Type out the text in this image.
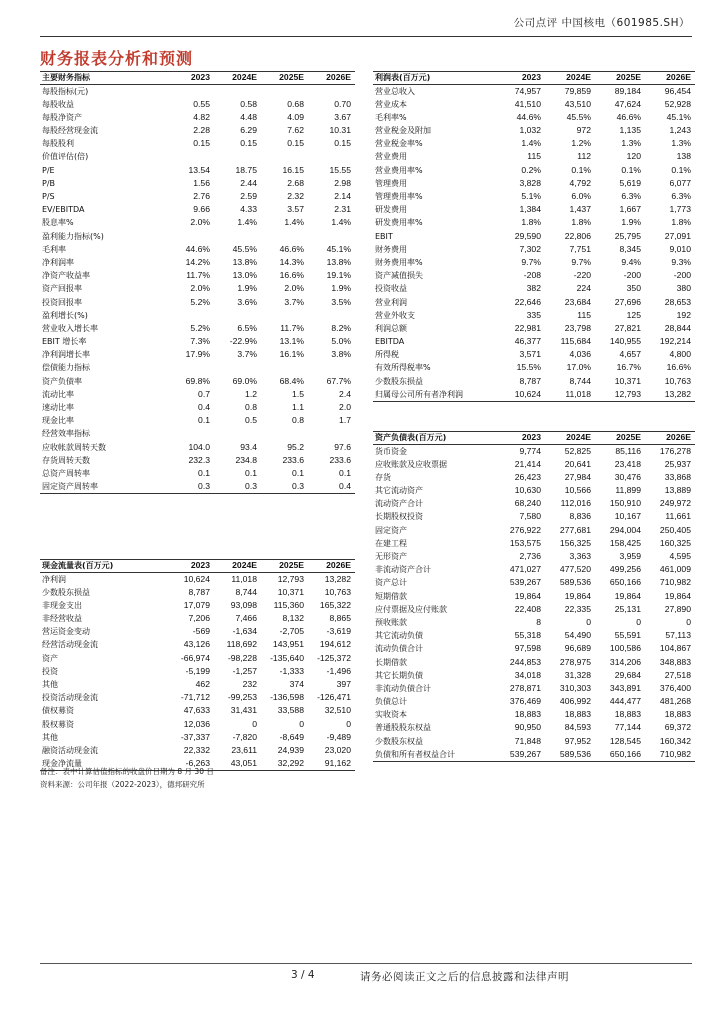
公司点评 中国核电（601985.SH）
财务报表分析和预测
主要财务指标	2023	2024E	2025E	2026E
每股指标(元)
每股收益	0.55	0.58	0.68	0.70
每股净资产	4.82	4.48	4.09	3.67
每股经营现金流	2.28	6.29	7.62	10.31
每股股利	0.15	0.15	0.15	0.15
价值评估(倍)
P/E	13.54	18.75	16.15	15.55
P/B	1.56	2.44	2.68	2.98
P/S	2.76	2.59	2.32	2.14
EV/EBITDA	9.66	4.33	3.57	2.31
股息率%	2.0%	1.4%	1.4%	1.4%
盈利能力指标(%)
毛利率	44.6%	45.5%	46.6%	45.1%
净利润率	14.2%	13.8%	14.3%	13.8%
净资产收益率	11.7%	13.0%	16.6%	19.1%
资产回报率	2.0%	1.9%	2.0%	1.9%
投资回报率	5.2%	3.6%	3.7%	3.5%
盈利增长(%)
营业收入增长率	5.2%	6.5%	11.7%	8.2%
EBIT 增长率	7.3%	-22.9%	13.1%	5.0%
净利润增长率	17.9%	3.7%	16.1%	3.8%
偿债能力指标
资产负债率	69.8%	69.0%	68.4%	67.7%
流动比率	0.7	1.2	1.5	2.4
速动比率	0.4	0.8	1.1	2.0
现金比率	0.1	0.5	0.8	1.7
经营效率指标
应收帐款周转天数	104.0	93.4	95.2	97.6
存货周转天数	232.3	234.8	233.6	233.6
总资产周转率	0.1	0.1	0.1	0.1
固定资产周转率	0.3	0.3	0.3	0.4
现金流量表(百万元)	2023	2024E	2025E	2026E
净利润	10,624	11,018	12,793	13,282
少数股东损益	8,787	8,744	10,371	10,763
非现金支出	17,079	93,098	115,360	165,322
非经营收益	7,206	7,466	8,132	8,865
营运资金变动	-569	-1,634	-2,705	-3,619
经营活动现金流	43,126	118,692	143,951	194,612
资产	-66,974	-98,228	-135,640	-125,372
投资	-5,199	-1,257	-1,333	-1,496
其他	462	232	374	397
投资活动现金流	-71,712	-99,253	-136,598	-126,471
债权募资	47,633	31,431	33,588	32,510
股权募资	12,036	0	0	0
其他	-37,337	-7,820	-8,649	-9,489
融资活动现金流	22,332	23,611	24,939	23,020
现金净流量	-6,263	43,051	32,292	91,162
利润表(百万元)	2023	2024E	2025E	2026E
营业总收入	74,957	79,859	89,184	96,454
营业成本	41,510	43,510	47,624	52,928
毛利率%	44.6%	45.5%	46.6%	45.1%
营业税金及附加	1,032	972	1,135	1,243
营业税金率%	1.4%	1.2%	1.3%	1.3%
营业费用	115	112	120	138
营业费用率%	0.2%	0.1%	0.1%	0.1%
管理费用	3,828	4,792	5,619	6,077
管理费用率%	5.1%	6.0%	6.3%	6.3%
研发费用	1,384	1,437	1,667	1,773
研发费用率%	1.8%	1.8%	1.9%	1.8%
EBIT	29,590	22,806	25,795	27,091
财务费用	7,302	7,751	8,345	9,010
财务费用率%	9.7%	9.7%	9.4%	9.3%
资产减值损失	-208	-220	-200	-200
投资收益	382	224	350	380
营业利润	22,646	23,684	27,696	28,653
营业外收支	335	115	125	192
利润总额	22,981	23,798	27,821	28,844
EBITDA	46,377	115,684	140,955	192,214
所得税	3,571	4,036	4,657	4,800
有效所得税率%	15.5%	17.0%	16.7%	16.6%
少数股东损益	8,787	8,744	10,371	10,763
归属母公司所有者净利润	10,624	11,018	12,793	13,282
资产负债表(百万元)	2023	2024E	2025E	2026E
货币资金	9,774	52,825	85,116	176,278
应收账款及应收票据	21,414	20,641	23,418	25,937
存货	26,423	27,984	30,476	33,868
其它流动资产	10,630	10,566	11,899	13,889
流动资产合计	68,240	112,016	150,910	249,972
长期股权投资	7,580	8,836	10,167	11,661
固定资产	276,922	277,681	294,004	250,405
在建工程	153,575	156,325	158,425	160,325
无形资产	2,736	3,363	3,959	4,595
非流动资产合计	471,027	477,520	499,256	461,009
资产总计	539,267	589,536	650,166	710,982
短期借款	19,864	19,864	19,864	19,864
应付票据及应付账款	22,408	22,335	25,131	27,890
预收账款	8	0	0	0
其它流动负债	55,318	54,490	55,591	57,113
流动负债合计	97,598	96,689	100,586	104,867
长期借款	244,853	278,975	314,206	348,883
其它长期负债	34,018	31,328	29,684	27,518
非流动负债合计	278,871	310,303	343,891	376,400
负债总计	376,469	406,992	444,477	481,268
实收资本	18,883	18,883	18,883	18,883
普通股股东权益	90,950	84,593	77,144	69,372
少数股东权益	71,848	97,952	128,545	160,342
负债和所有者权益合计	539,267	589,536	650,166	710,982
备注：表中计算估值指标的收盘价日期为 8 月 30 日
资料来源：公司年报（2022-2023），德邦研究所
3 / 4	请务必阅读正文之后的信息披露和法律声明
